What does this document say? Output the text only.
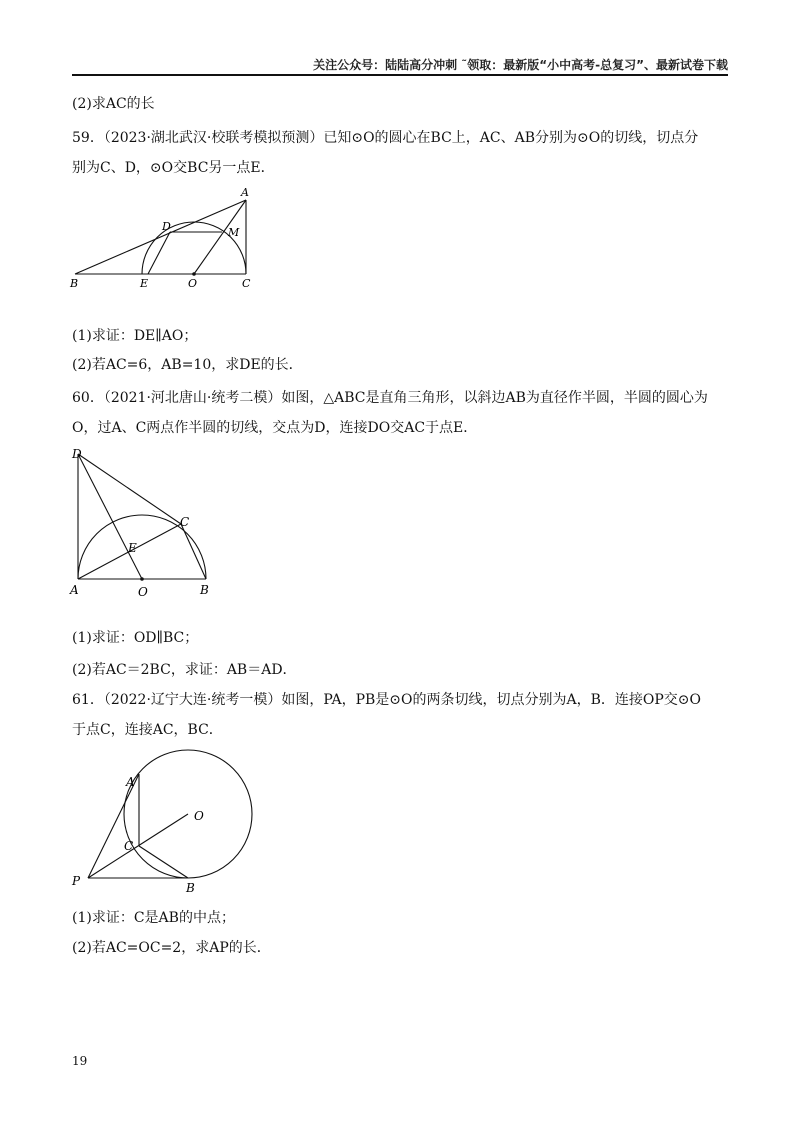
关注公众号：陆陆高分冲刺 ˜领取：最新版“小中高考-总复习”、最新试卷下载
(2)求AC的长
59．（2023·湖北武汉·校联考模拟预测）已知⊙O的圆心在BC上，AC、AB分别为⊙O的切线，切点分
别为C、D，⊙O交BC另一点E．
A
B	C
D
E	O
M
(1)求证：DE∥AO；
(2)若AC=6，AB=10，求DE的长．
60．（2021·河北唐山·统考二模）如图，△ABC是直角三角形，以斜边AB为直径作半圆，半圆的圆心为
O，过A、C两点作半圆的切线，交点为D，连接DO交AC于点E．
D
A	O	B
C
E
(1)求证：OD∥BC；
(2)若AC＝2BC，求证：AB＝AD．
61．（2022·辽宁大连·统考一模）如图，PA，PB是⊙O的两条切线，切点分别为A，B．连接OP交⊙O
于点C，连接AC，BC．
A
O
C
P	B
(1)求证：C是AB的中点；
(2)若AC=OC=2，求AP的长．
19
